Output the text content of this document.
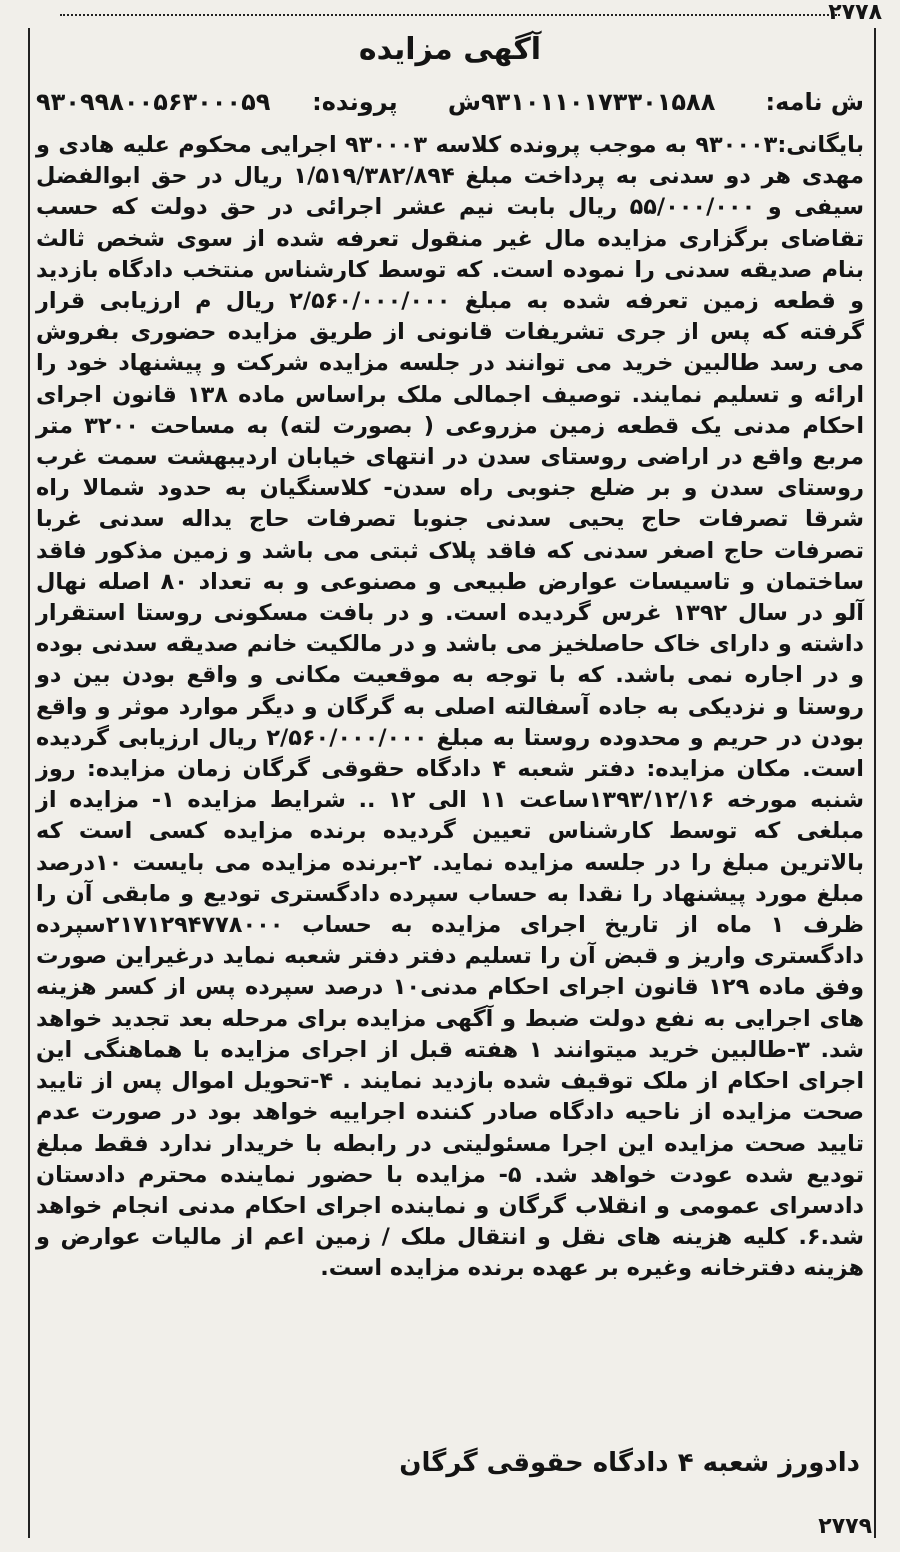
۲۷۷۸
آگهی مزایده
ش نامه:      ۹۳۱۰۱۱۰۱۷۳۳۰۱۵۸۸ش
پرونده:     ۹۳۰۹۹۸۰۰۵۶۳۰۰۰۵۹
بایگانی:۹۳۰۰۰۳ به موجب پرونده کلاسه ۹۳۰۰۰۳ اجرایی محکوم علیه هادی و مهدی هر دو سدنی به پرداخت مبلغ ۱/۵۱۹/۳۸۲/۸۹۴ ریال در حق ابوالفضل سیفی و ۵۵/۰۰۰/۰۰۰ ریال بابت نیم عشر اجرائی در حق دولت که حسب تقاضای برگزاری مزایده مال غیر منقول تعرفه شده از سوی شخص ثالث بنام صدیقه سدنی را نموده است. که توسط کارشناس منتخب دادگاه بازدید و قطعه زمین تعرفه شده به مبلغ ۲/۵۶۰/۰۰۰/۰۰۰ ریال م ارزیابی قرار گرفته که پس از جری تشریفات قانونی از طریق مزایده حضوری بفروش می رسد طالبین خرید می توانند در جلسه مزایده شرکت و پیشنهاد خود را ارائه و تسلیم نمایند. توصیف اجمالی ملک براساس ماده ۱۳۸ قانون اجرای احکام مدنی یک قطعه زمین مزروعی ( بصورت لته) به مساحت ۳۲۰۰ متر مربع واقع در اراضی روستای سدن در انتهای خیابان اردیبهشت سمت غرب روستای سدن و بر ضلع جنوبی راه سدن- کلاسنگیان به حدود شمالا راه شرقا تصرفات حاج یحیی سدنی جنوبا تصرفات حاج یداله سدنی غربا تصرفات حاج اصغر سدنی که فاقد پلاک ثبتی می باشد و زمین مذکور فاقد ساختمان و تاسیسات عوارض طبیعی و مصنوعی و به تعداد ۸۰ اصله نهال آلو در سال ۱۳۹۲ غرس گردیده است. و در بافت مسکونی روستا استقرار داشته و دارای خاک حاصلخیز می باشد و در مالکیت خانم صدیقه سدنی بوده و در اجاره نمی باشد. که با توجه به موقعیت مکانی و واقع بودن بین دو روستا و نزدیکی به جاده آسفالته اصلی به گرگان و دیگر موارد موثر و واقع بودن در حریم و محدوده روستا به مبلغ ۲/۵۶۰/۰۰۰/۰۰۰ ریال ارزیابی گردیده است. مکان مزایده: دفتر شعبه ۴ دادگاه حقوقی گرگان زمان مزایده: روز شنبه مورخه ۱۳۹۳/۱۲/۱۶ساعت ۱۱ الی ۱۲ .. شرایط مزایده ۱- مزایده از مبلغی که توسط کارشناس تعیین گردیده برنده مزایده کسی است که بالاترین مبلغ را در جلسه مزایده نماید. ۲-برنده مزایده می بایست ۱۰درصد مبلغ مورد پیشنهاد را نقدا به حساب سپرده دادگستری تودیع و مابقی آن را ظرف ۱ ماه از تاریخ اجرای مزایده به حساب ۲۱۷۱۲۹۴۷۷۸۰۰۰سپرده دادگستری واریز و قبض آن را تسلیم دفتر دفتر شعبه نماید درغیراین صورت وفق ماده ۱۲۹ قانون اجرای احکام مدنی۱۰ درصد سپرده پس از کسر هزینه های اجرایی به نفع دولت ضبط و آگهی مزایده برای مرحله بعد تجدید خواهد شد. ۳-طالبین خرید میتوانند ۱ هفته قبل از اجرای مزایده با هماهنگی این اجرای احکام از ملک توقیف شده بازدید نمایند . ۴-تحویل اموال پس از تایید صحت مزایده از ناحیه دادگاه صادر کننده اجراییه خواهد بود در صورت عدم تایید صحت مزایده این اجرا مسئولیتی در رابطه با خریدار ندارد فقط مبلغ تودیع شده عودت خواهد شد. ۵- مزایده با حضور نماینده محترم دادستان دادسرای عمومی و انقلاب گرگان و نماینده اجرای احکام مدنی انجام خواهد شد.۶. کلیه هزینه های نقل و انتقال ملک / زمین اعم از مالیات عوارض و هزینه دفترخانه وغیره بر عهده برنده مزایده است.
دادورز شعبه ۴ دادگاه حقوقی گرگان
۲۷۷۹
